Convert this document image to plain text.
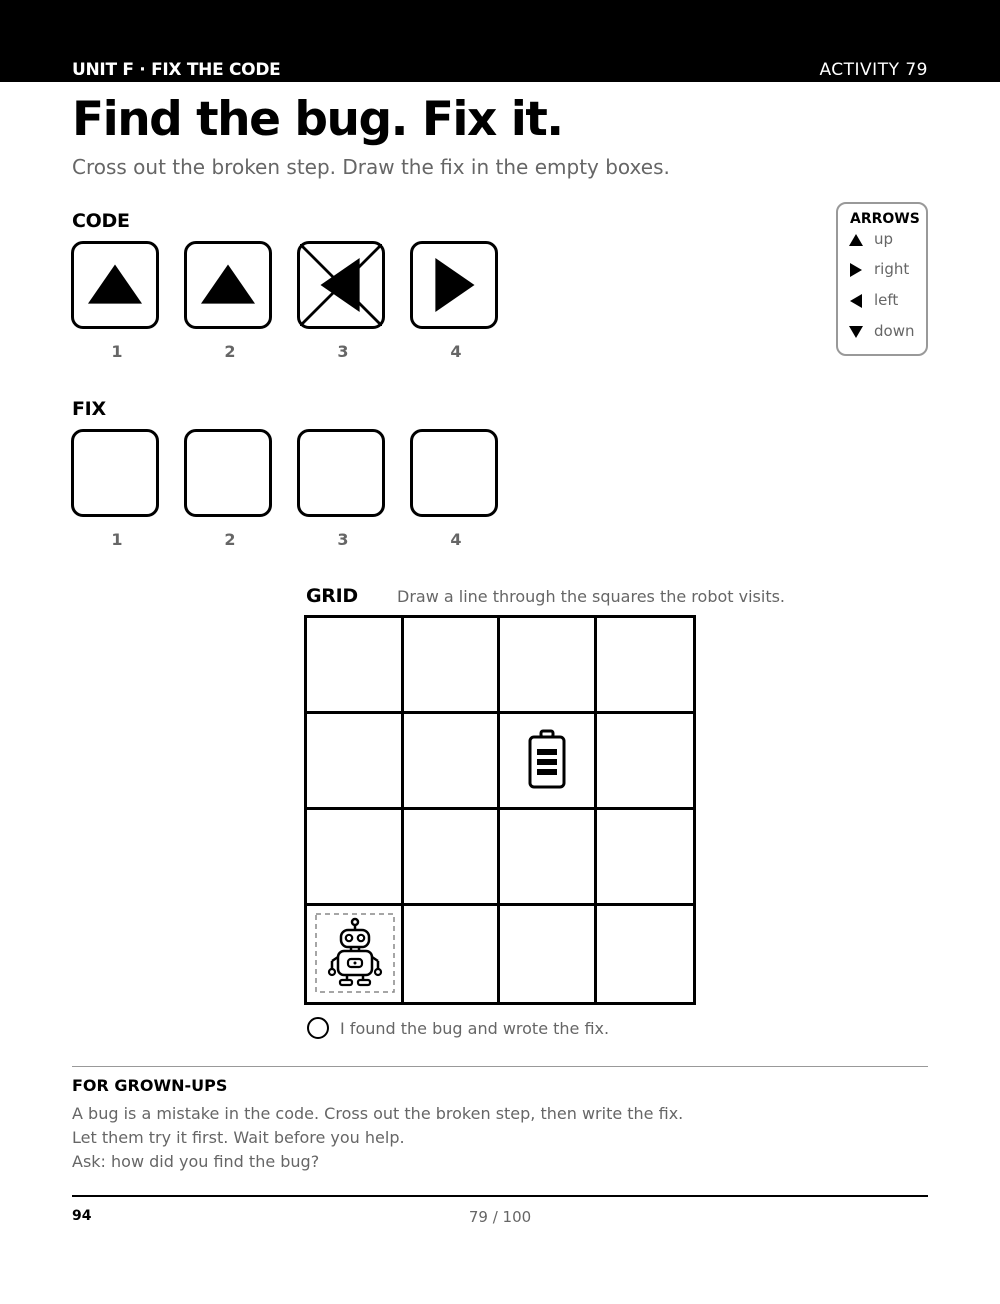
UNIT F · FIX THE CODE	ACTIVITY 79
Find the bug. Fix it.
Cross out the broken step. Draw the fix in the empty boxes.
CODE
1	2	3	4
ARROWS
up
right
left
down
FIX
1	2	3	4
GRID Draw a line through the squares the robot visits.
I found the bug and wrote the fix.
FOR GROWN-UPS
A bug is a mistake in the code. Cross out the broken step, then write the fix.
Let them try it first. Wait before you help.
Ask: how did you find the bug?
94	79 / 100
